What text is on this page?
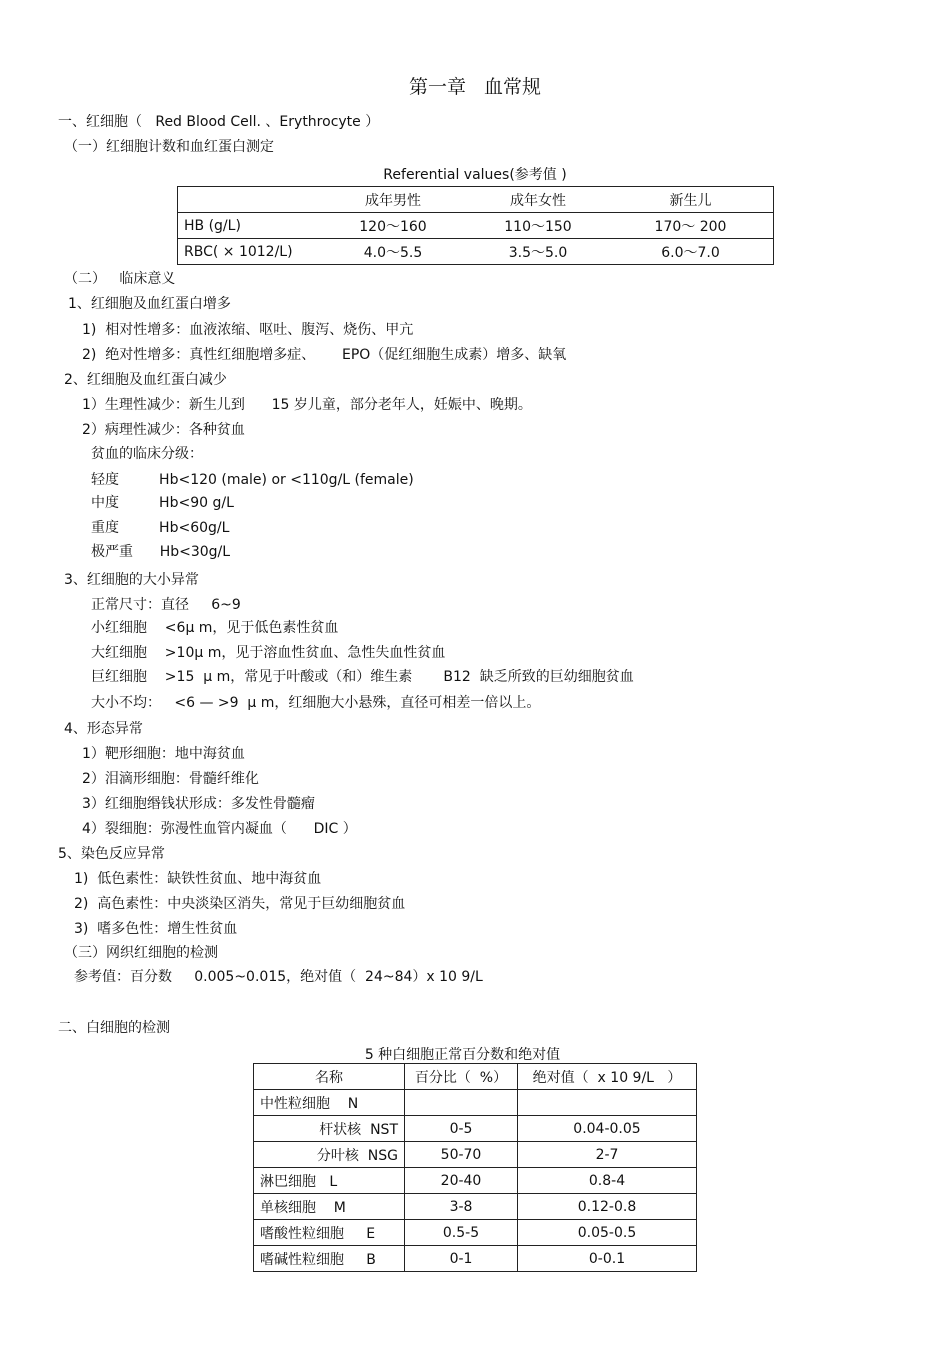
第一章   血常规
一、红细胞（   Red Blood Cell. 、Erythrocyte ）
（一）红细胞计数和血红蛋白测定
Referential values(参考值 )
	成年男性	成年女性	新生儿
HB (g/L)	120～160	110～150	170～ 200
RBC( × 1012/L)	4.0～5.5	3.5～5.0	6.0～7.0
（二）   临床意义
1、红细胞及血红蛋白增多
1)  相对性增多：血液浓缩、呕吐、腹泻、烧伤、甲亢
2)  绝对性增多：真性红细胞增多症、      EPO（促红细胞生成素）增多、缺氧
2、红细胞及血红蛋白减少
1）生理性减少：新生儿到      15 岁儿童，部分老年人，妊娠中、晚期。
2）病理性减少：各种贫血
贫血的临床分级：
轻度         Hb<120 (male) or <110g/L (female)
中度         Hb<90 g/L
重度         Hb<60g/L
极严重      Hb<30g/L
3、红细胞的大小异常
正常尺寸：直径     6~9
小红细胞    <6μ m，见于低色素性贫血
大红细胞    >10μ m，见于溶血性贫血、急性失血性贫血
巨红细胞    >15  μ m，常见于叶酸或（和）维生素       B12  缺乏所致的巨幼细胞贫血
大小不均：   <6 — >9  μ m，红细胞大小悬殊，直径可相差一倍以上。
4、形态异常
1）靶形细胞：地中海贫血
2）泪滴形细胞：骨髓纤维化
3）红细胞缗钱状形成：多发性骨髓瘤
4）裂细胞：弥漫性血管内凝血（      DIC ）
5、染色反应异常
1)  低色素性：缺铁性贫血、地中海贫血
2)  高色素性：中央淡染区消失，常见于巨幼细胞贫血
3)  嗜多色性：增生性贫血
（三）网织红细胞的检测
参考值：百分数     0.005~0.015，绝对值（  24~84）x 10 9/L
二、白细胞的检测
5 种白细胞正常百分数和绝对值
名称	百分比（  %）	绝对值（  x 10 9/L   ）
中性粒细胞    N		
杆状核  NST	0-5	0.04-0.05
分叶核  NSG	50-70	2-7
淋巴细胞   L	20-40	0.8-4
单核细胞    M	3-8	0.12-0.8
嗜酸性粒细胞     E	0.5-5	0.05-0.5
嗜碱性粒细胞     B	0-1	0-0.1
